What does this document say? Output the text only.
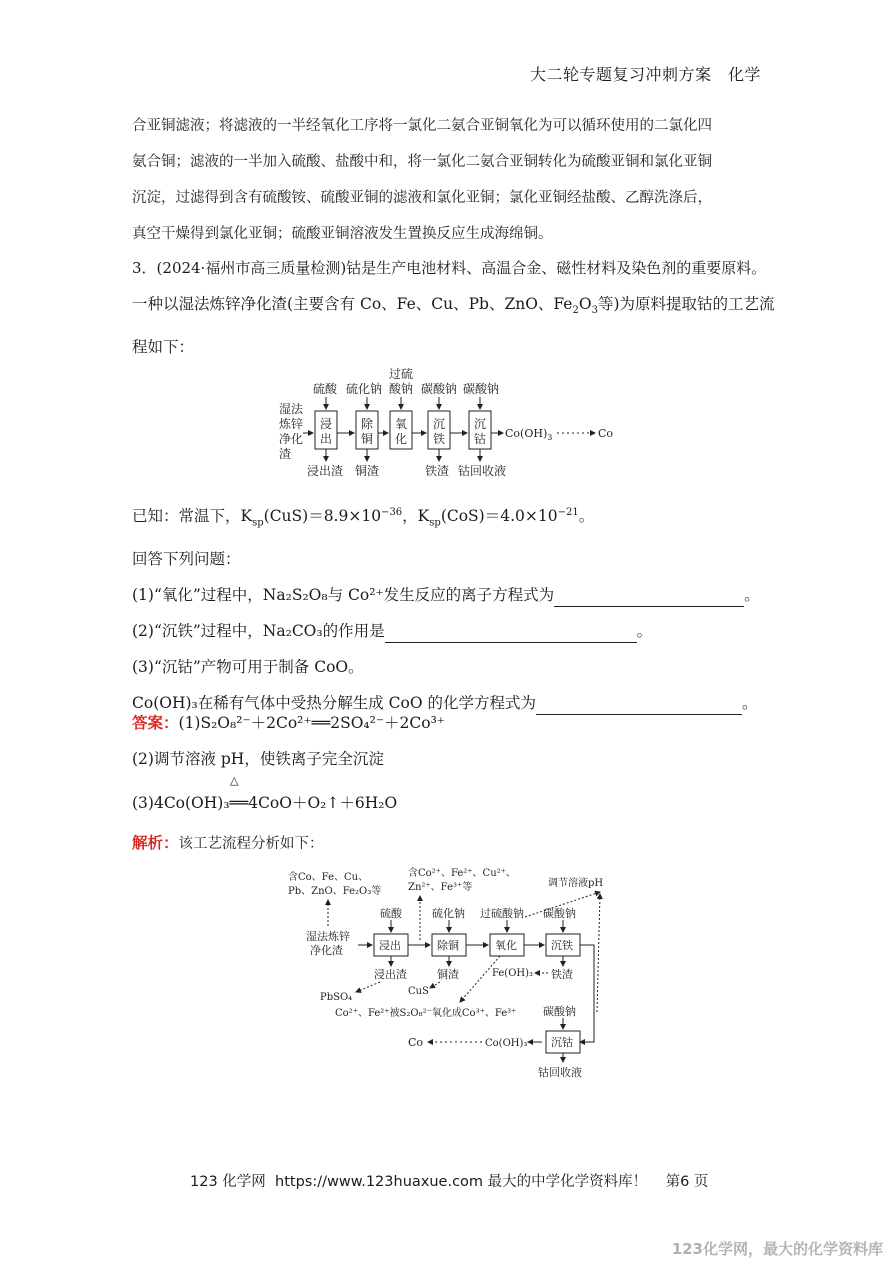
大二轮专题复习冲刺方案　化学
合亚铜滤液；将滤液的一半经氧化工序将一氯化二氨合亚铜氧化为可以循环使用的二氯化四
氨合铜；滤液的一半加入硫酸、盐酸中和，将一氯化二氨合亚铜转化为硫酸亚铜和氯化亚铜
沉淀，过滤得到含有硫酸铵、硫酸亚铜的滤液和氯化亚铜；氯化亚铜经盐酸、乙醇洗涤后，
真空干燥得到氯化亚铜；硫酸亚铜溶液发生置换反应生成海绵铜。
3．(2024·福州市高三质量检测)钴是生产电池材料、高温合金、磁性材料及染色剂的重要原料。
一种以湿法炼锌净化渣(主要含有 Co、Fe、Cu、Pb、ZnO、$Fe_2O_3$等)为原料提取钴的工艺流
程如下：
湿法
炼锌
净化
渣
浸
出
除
铜
氧
化
沉
铁
沉
钴 $Co(OH)_3$	Co
硫酸 硫化钠
过硫
酸钠 碳酸钠 碳酸钠
浸出渣 铜渣	铁渣 钴回收液
已知：常温下，$K_{sp}(CuS)=8.9\times 10^{-36}$，$K_{sp}(CoS)=4.0\times 10^{-21}$。
回答下列问题：
(1)“氧化”过程中，Na₂S₂O₈与 Co²⁺发生反应的离子方程式为	。
(2)“沉铁”过程中，Na₂CO₃的作用是	。
(3)“沉钴”产物可用于制备 CoO。
Co(OH)₃在稀有气体中受热分解生成 CoO 的化学方程式为	。
答案：(1)S₂O₈²⁻＋2Co²⁺══2SO₄²⁻＋2Co³⁺
(2)调节溶液 pH，使铁离子完全沉淀
△
(3)4Co(OH)₃══4CoO＋O₂↑＋6H₂O
解析：该工艺流程分析如下：
含Co、Fe、Cu、
Pb、ZnO、Fe₂O₃等
含Co²⁺、Fe²⁺、Cu²⁺、
Zn²⁺、Fe³⁺等	调节溶液pH
湿法炼锌
净化渣	浸出	除铜	氧化	沉铁
沉钴
硫酸	硫化钠 过硫酸钠 碳酸钠
碳酸钠
浸出渣	铜渣	铁渣
PbSO₄
CuS
Fe(OH)₃
Co²⁺、Fe²⁺被S₂O₈²⁻氧化成Co³⁺、Fe³⁺
Co(OH)₃
Co
钴回收液
123 化学网  https://www.123huaxue.com 最大的中学化学资料库！    第6 页
123化学网，最大的化学资料库
